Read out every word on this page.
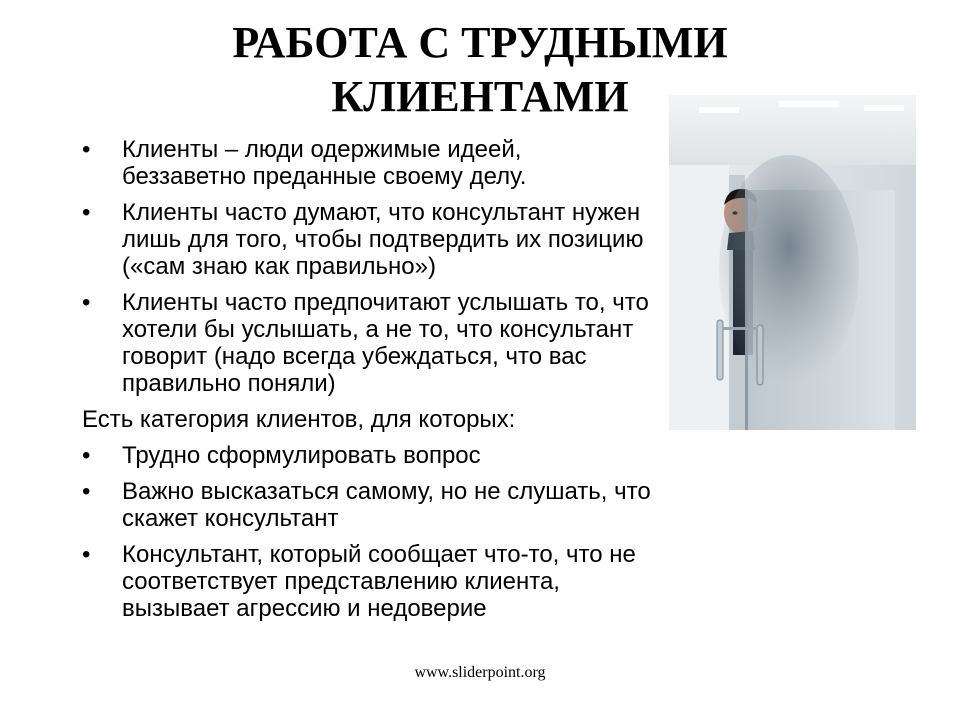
РАБОТА С ТРУДНЫМИ
КЛИЕНТАМИ
• Клиенты – люди одержимые идеей, беззаветно преданные своему делу.
• Клиенты часто думают, что консультант нужен лишь для того, чтобы подтвердить их позицию («сам знаю как правильно»)
• Клиенты часто предпочитают услышать то, что хотели бы услышать, а не то, что консультант говорит (надо всегда убеждаться, что вас правильно поняли)
Есть категория клиентов, для которых:
• Трудно сформулировать вопрос
• Важно высказаться самому, но не слушать, что скажет консультант
• Консультант, который сообщает что-то, что не соответствует представлению клиента, вызывает агрессию и недоверие
www.sliderpoint.org
